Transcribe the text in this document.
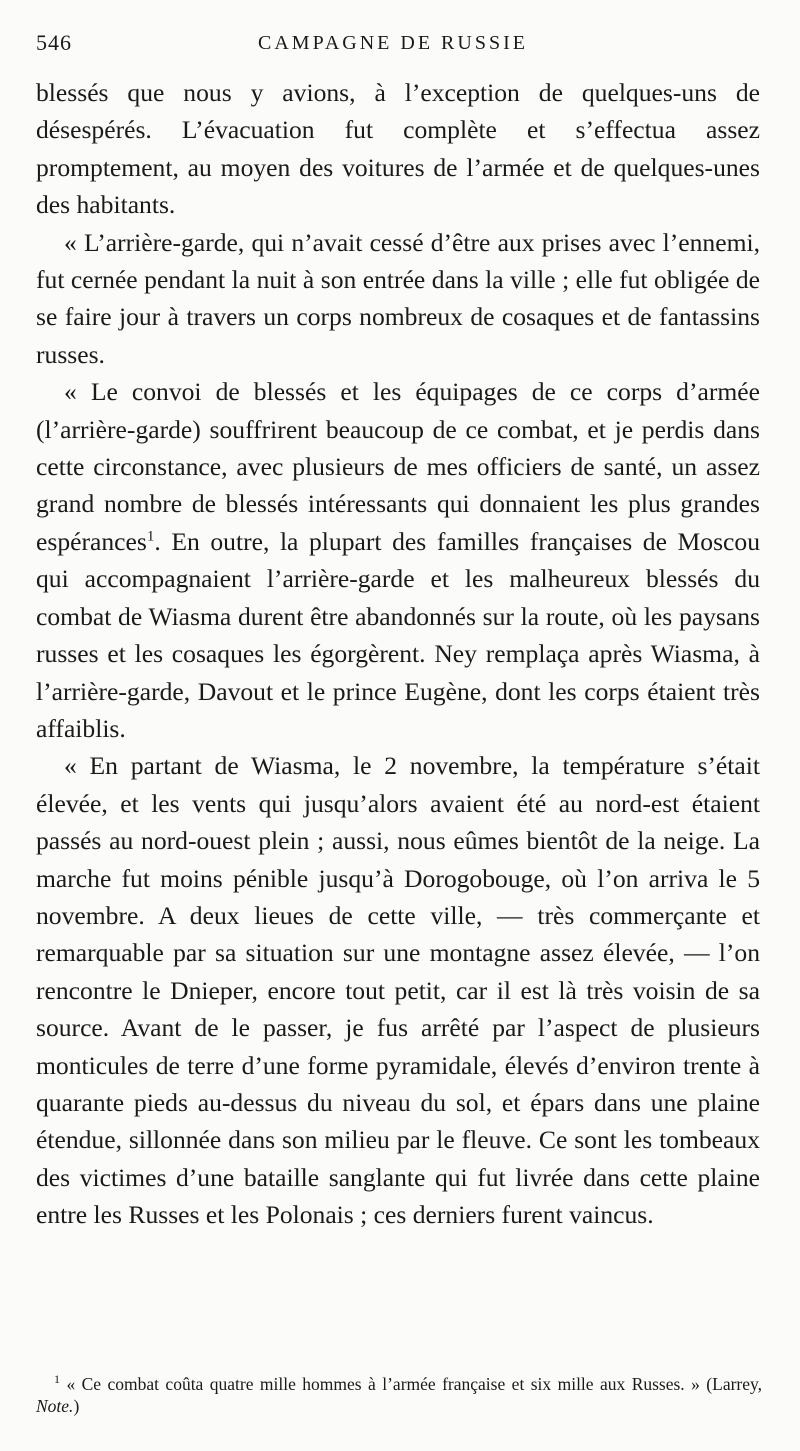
546	CAMPAGNE DE RUSSIE

blessés que nous y avions, à l’exception de quelques-uns de désespérés. L’évacuation fut complète et s’effectua assez promptement, au moyen des voitures de l’armée et de quelques-unes des habitants.

« L’arrière-garde, qui n’avait cessé d’être aux prises avec l’ennemi, fut cernée pendant la nuit à son entrée dans la ville ; elle fut obligée de se faire jour à travers un corps nombreux de cosaques et de fantassins russes.

« Le convoi de blessés et les équipages de ce corps d’armée (l’arrière-garde) souffrirent beaucoup de ce combat, et je perdis dans cette circonstance, avec plusieurs de mes officiers de santé, un assez grand nombre de blessés intéressants qui donnaient les plus grandes espérances$^1$. En outre, la plupart des familles françaises de Moscou qui accompagnaient l’arrière-garde et les malheureux blessés du combat de Wiasma durent être abandonnés sur la route, où les paysans russes et les cosaques les égorgèrent. Ney remplaça après Wiasma, à l’arrière-garde, Davout et le prince Eugène, dont les corps étaient très affaiblis.

« En partant de Wiasma, le 2 novembre, la température s’était élevée, et les vents qui jusqu’alors avaient été au nord-est étaient passés au nord-ouest plein ; aussi, nous eûmes bientôt de la neige. La marche fut moins pénible jusqu’à Dorogobouge, où l’on arriva le 5 novembre. A deux lieues de cette ville, — très commerçante et remarquable par sa situation sur une montagne assez élevée, — l’on rencontre le Dnieper, encore tout petit, car il est là très voisin de sa source. Avant de le passer, je fus arrêté par l’aspect de plusieurs monticules de terre d’une forme pyramidale, élevés d’environ trente à quarante pieds au-dessus du niveau du sol, et épars dans une plaine étendue, sillonnée dans son milieu par le fleuve. Ce sont les tombeaux des victimes d’une bataille sanglante qui fut livrée dans cette plaine entre les Russes et les Polonais ; ces derniers furent vaincus.

$^1$ « Ce combat coûta quatre mille hommes à l’armée française et six mille aux Russes. » (Larrey, Note.)
